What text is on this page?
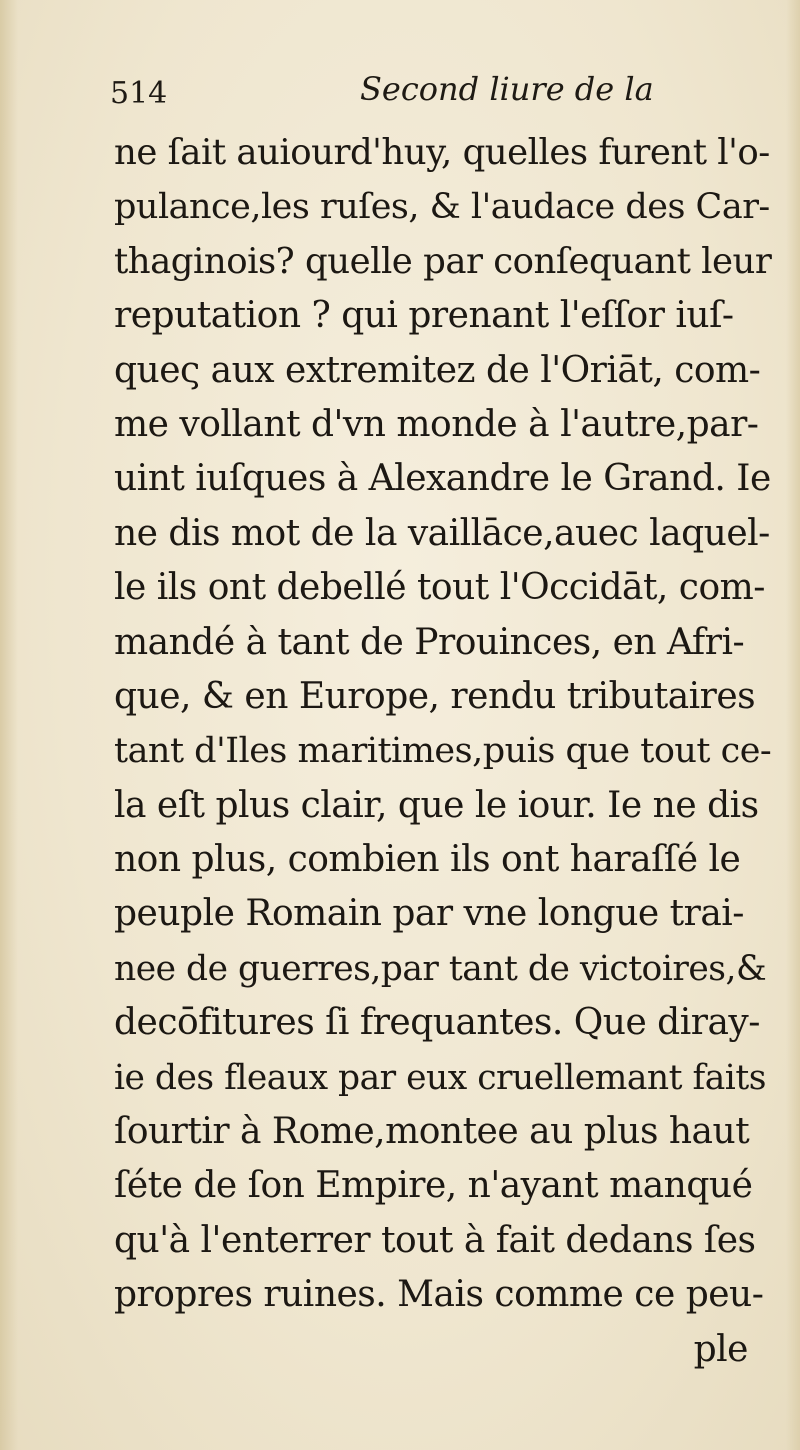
514	Second liure de la
ne ſait auiourd'huy, quelles furent l'o-
pulance,les ruſes, & l'audace des Car-
thaginois? quelle par conſequant leur
reputation ? qui prenant l'eſſor iuſ-
queς aux extremitez de l'Oriāt, com-
me vollant d'vn monde à l'autre,par-
uint iuſques à Alexandre le Grand. Ie
ne dis mot de la vaillāce,auec laquel-
le ils ont debellé tout l'Occidāt, com-
mandé à tant de Prouinces, en Afri-
que, & en Europe, rendu tributaires
tant d'Iles maritimes,puis que tout ce-
la eſt plus clair, que le iour. Ie ne dis
non plus, combien ils ont haraſſé le
peuple Romain par vne longue trai-
nee de guerres,par tant de victoires,&
decōfitures ſi frequantes. Que diray-
ie des fleaux par eux cruellemant faits
ſourtir à Rome,montee au plus haut
ſéte de ſon Empire, n'ayant manqué
qu'à l'enterrer tout à fait dedans ſes
propres ruines. Mais comme ce peu-
ple
